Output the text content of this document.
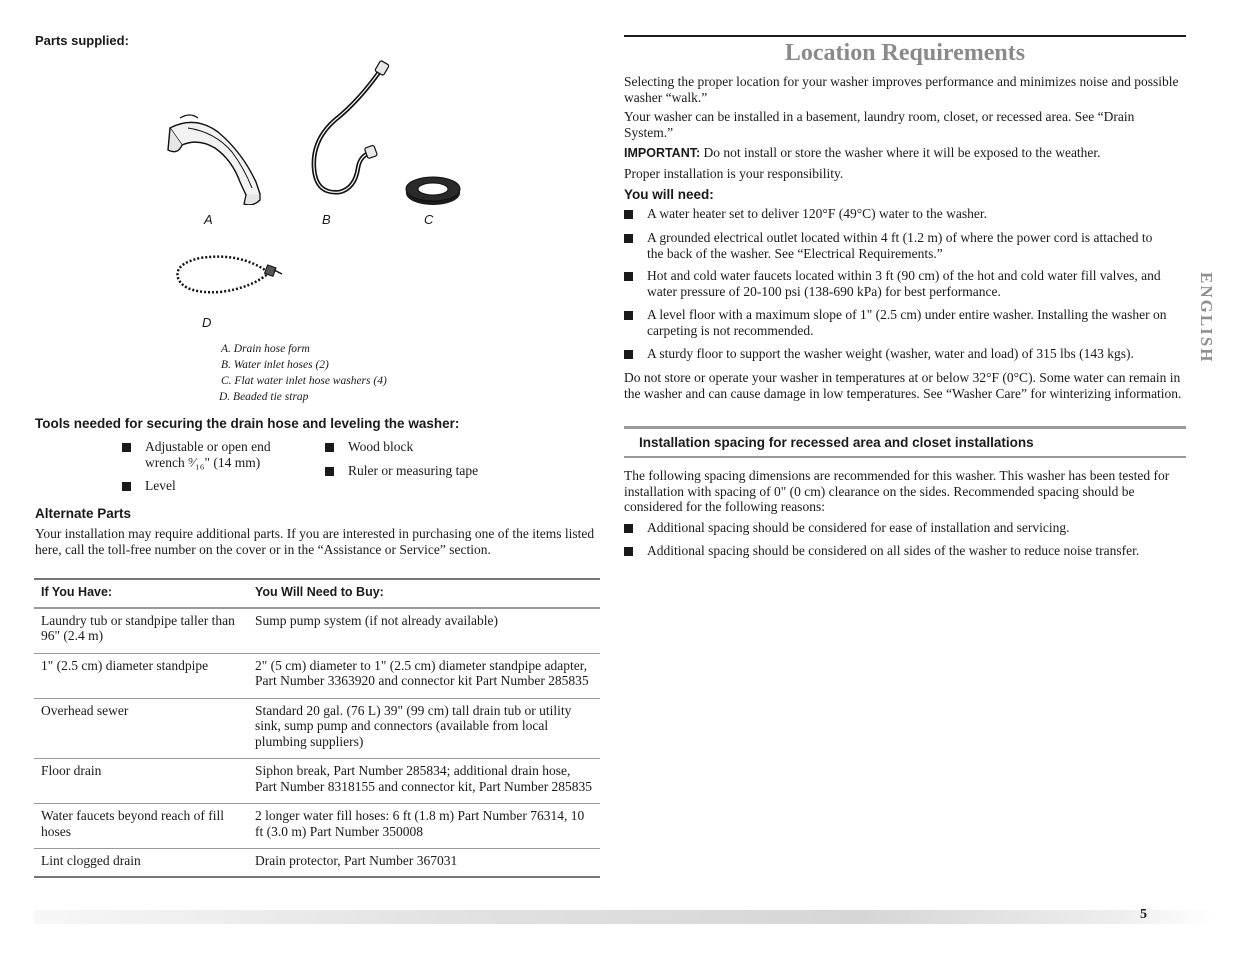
Parts supplied:
A	B	C
D
A. Drain hose form
B. Water inlet hoses (2)
C. Flat water inlet hose washers (4)
D. Beaded tie strap
Tools needed for securing the drain hose and leveling the washer:
Adjustable or open end wrench ⁹⁄₁₆" (14 mm)
Level
Wood block
Ruler or measuring tape
Alternate Parts
Your installation may require additional parts. If you are interested in purchasing one of the items listed here, call the toll-free number on the cover or in the “Assistance or Service” section.
If You Have:	You Will Need to Buy:
Laundry tub or standpipe taller than 96" (2.4 m)	Sump pump system (if not already available)
1" (2.5 cm) diameter standpipe	2" (5 cm) diameter to 1" (2.5 cm) diameter standpipe adapter, Part Number 3363920 and connector kit Part Number 285835
Overhead sewer	Standard 20 gal. (76 L) 39" (99 cm) tall drain tub or utility sink, sump pump and connectors (available from local plumbing suppliers)
Floor drain	Siphon break, Part Number 285834; additional drain hose, Part Number 8318155 and connector kit, Part Number 285835
Water faucets beyond reach of fill hoses	2 longer water fill hoses: 6 ft (1.8 m) Part Number 76314, 10 ft (3.0 m) Part Number 350008
Lint clogged drain	Drain protector, Part Number 367031
Location Requirements
Selecting the proper location for your washer improves performance and minimizes noise and possible washer “walk.”
Your washer can be installed in a basement, laundry room, closet, or recessed area. See “Drain System.”
IMPORTANT: Do not install or store the washer where it will be exposed to the weather.
Proper installation is your responsibility.
You will need:
A water heater set to deliver 120°F (49°C) water to the washer.
A grounded electrical outlet located within 4 ft (1.2 m) of where the power cord is attached to the back of the washer. See “Electrical Requirements.”
Hot and cold water faucets located within 3 ft (90 cm) of the hot and cold water fill valves, and water pressure of 20-100 psi (138-690 kPa) for best performance.
A level floor with a maximum slope of 1" (2.5 cm) under entire washer. Installing the washer on carpeting is not recommended.
A sturdy floor to support the washer weight (washer, water and load) of 315 lbs (143 kgs).
Do not store or operate your washer in temperatures at or below 32°F (0°C). Some water can remain in the washer and can cause damage in low temperatures. See “Washer Care” for winterizing information.
Installation spacing for recessed area and closet installations
The following spacing dimensions are recommended for this washer. This washer has been tested for installation with spacing of 0" (0 cm) clearance on the sides. Recommended spacing should be considered for the following reasons:
Additional spacing should be considered for ease of installation and servicing.
Additional spacing should be considered on all sides of the washer to reduce noise transfer.
ENGLISH
5
